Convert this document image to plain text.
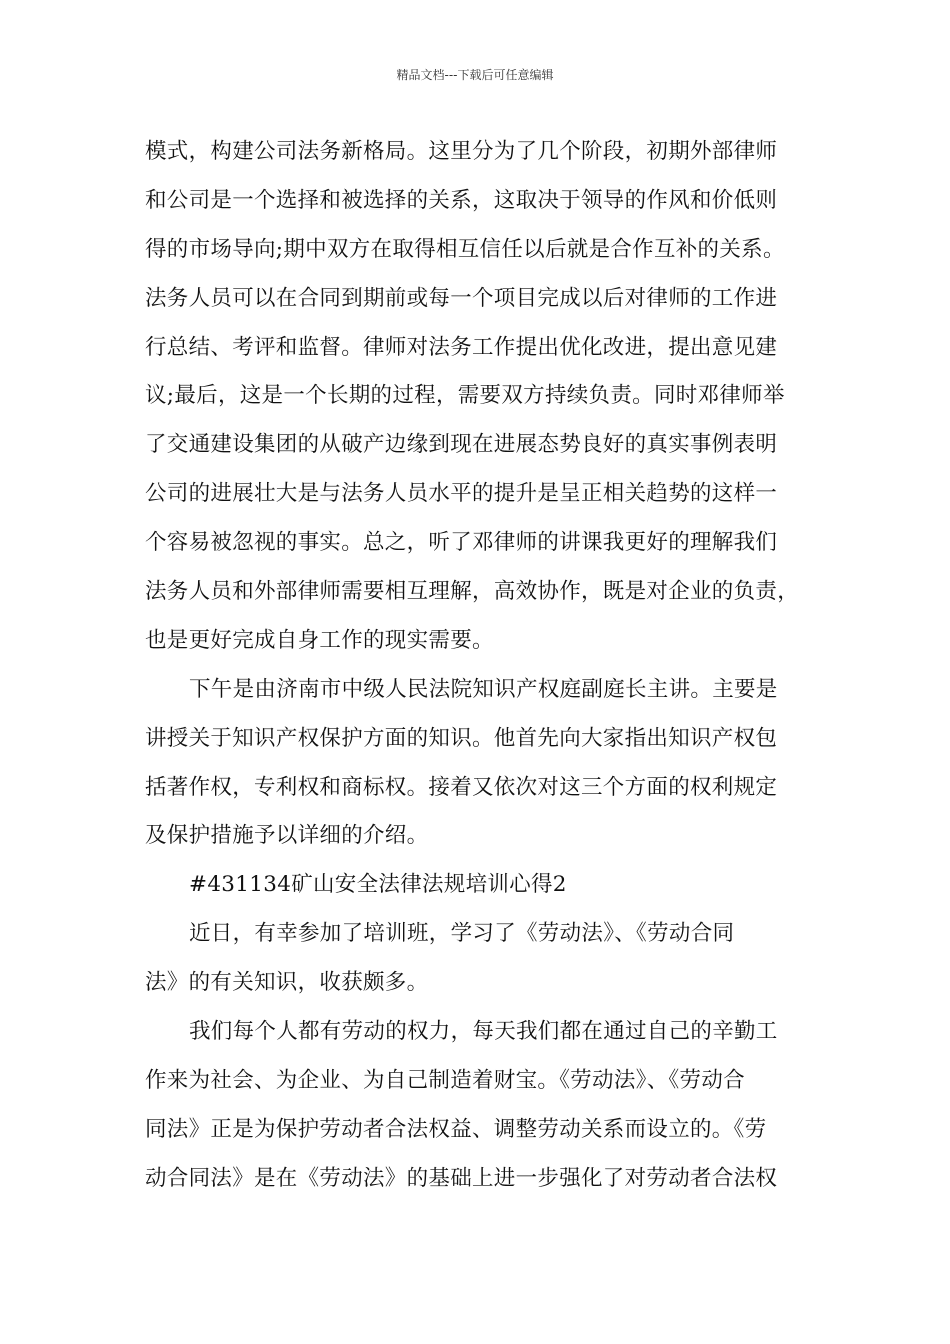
精品文档---下载后可任意编辑
模式，构建公司法务新格局。这里分为了几个阶段，初期外部律师
和公司是一个选择和被选择的关系，这取决于领导的作风和价低则
得的市场导向;期中双方在取得相互信任以后就是合作互补的关系。
法务人员可以在合同到期前或每一个项目完成以后对律师的工作进
行总结、考评和监督。律师对法务工作提出优化改进，提出意见建
议;最后，这是一个长期的过程，需要双方持续负责。同时邓律师举
了交通建设集团的从破产边缘到现在进展态势良好的真实事例表明
公司的进展壮大是与法务人员水平的提升是呈正相关趋势的这样一
个容易被忽视的事实。总之，听了邓律师的讲课我更好的理解我们
法务人员和外部律师需要相互理解，高效协作，既是对企业的负责，
也是更好完成自身工作的现实需要。
下午是由济南市中级人民法院知识产权庭副庭长主讲。主要是
讲授关于知识产权保护方面的知识。他首先向大家指出知识产权包
括著作权，专利权和商标权。接着又依次对这三个方面的权利规定
及保护措施予以详细的介绍。
#431134矿山安全法律法规培训心得2
近日，有幸参加了培训班，学习了《劳动法》、《劳动合同
法》的有关知识，收获颇多。
我们每个人都有劳动的权力，每天我们都在通过自己的辛勤工
作来为社会、为企业、为自己制造着财宝。《劳动法》、《劳动合
同法》正是为保护劳动者合法权益、调整劳动关系而设立的。《劳
动合同法》是在《劳动法》的基础上进一步强化了对劳动者合法权
